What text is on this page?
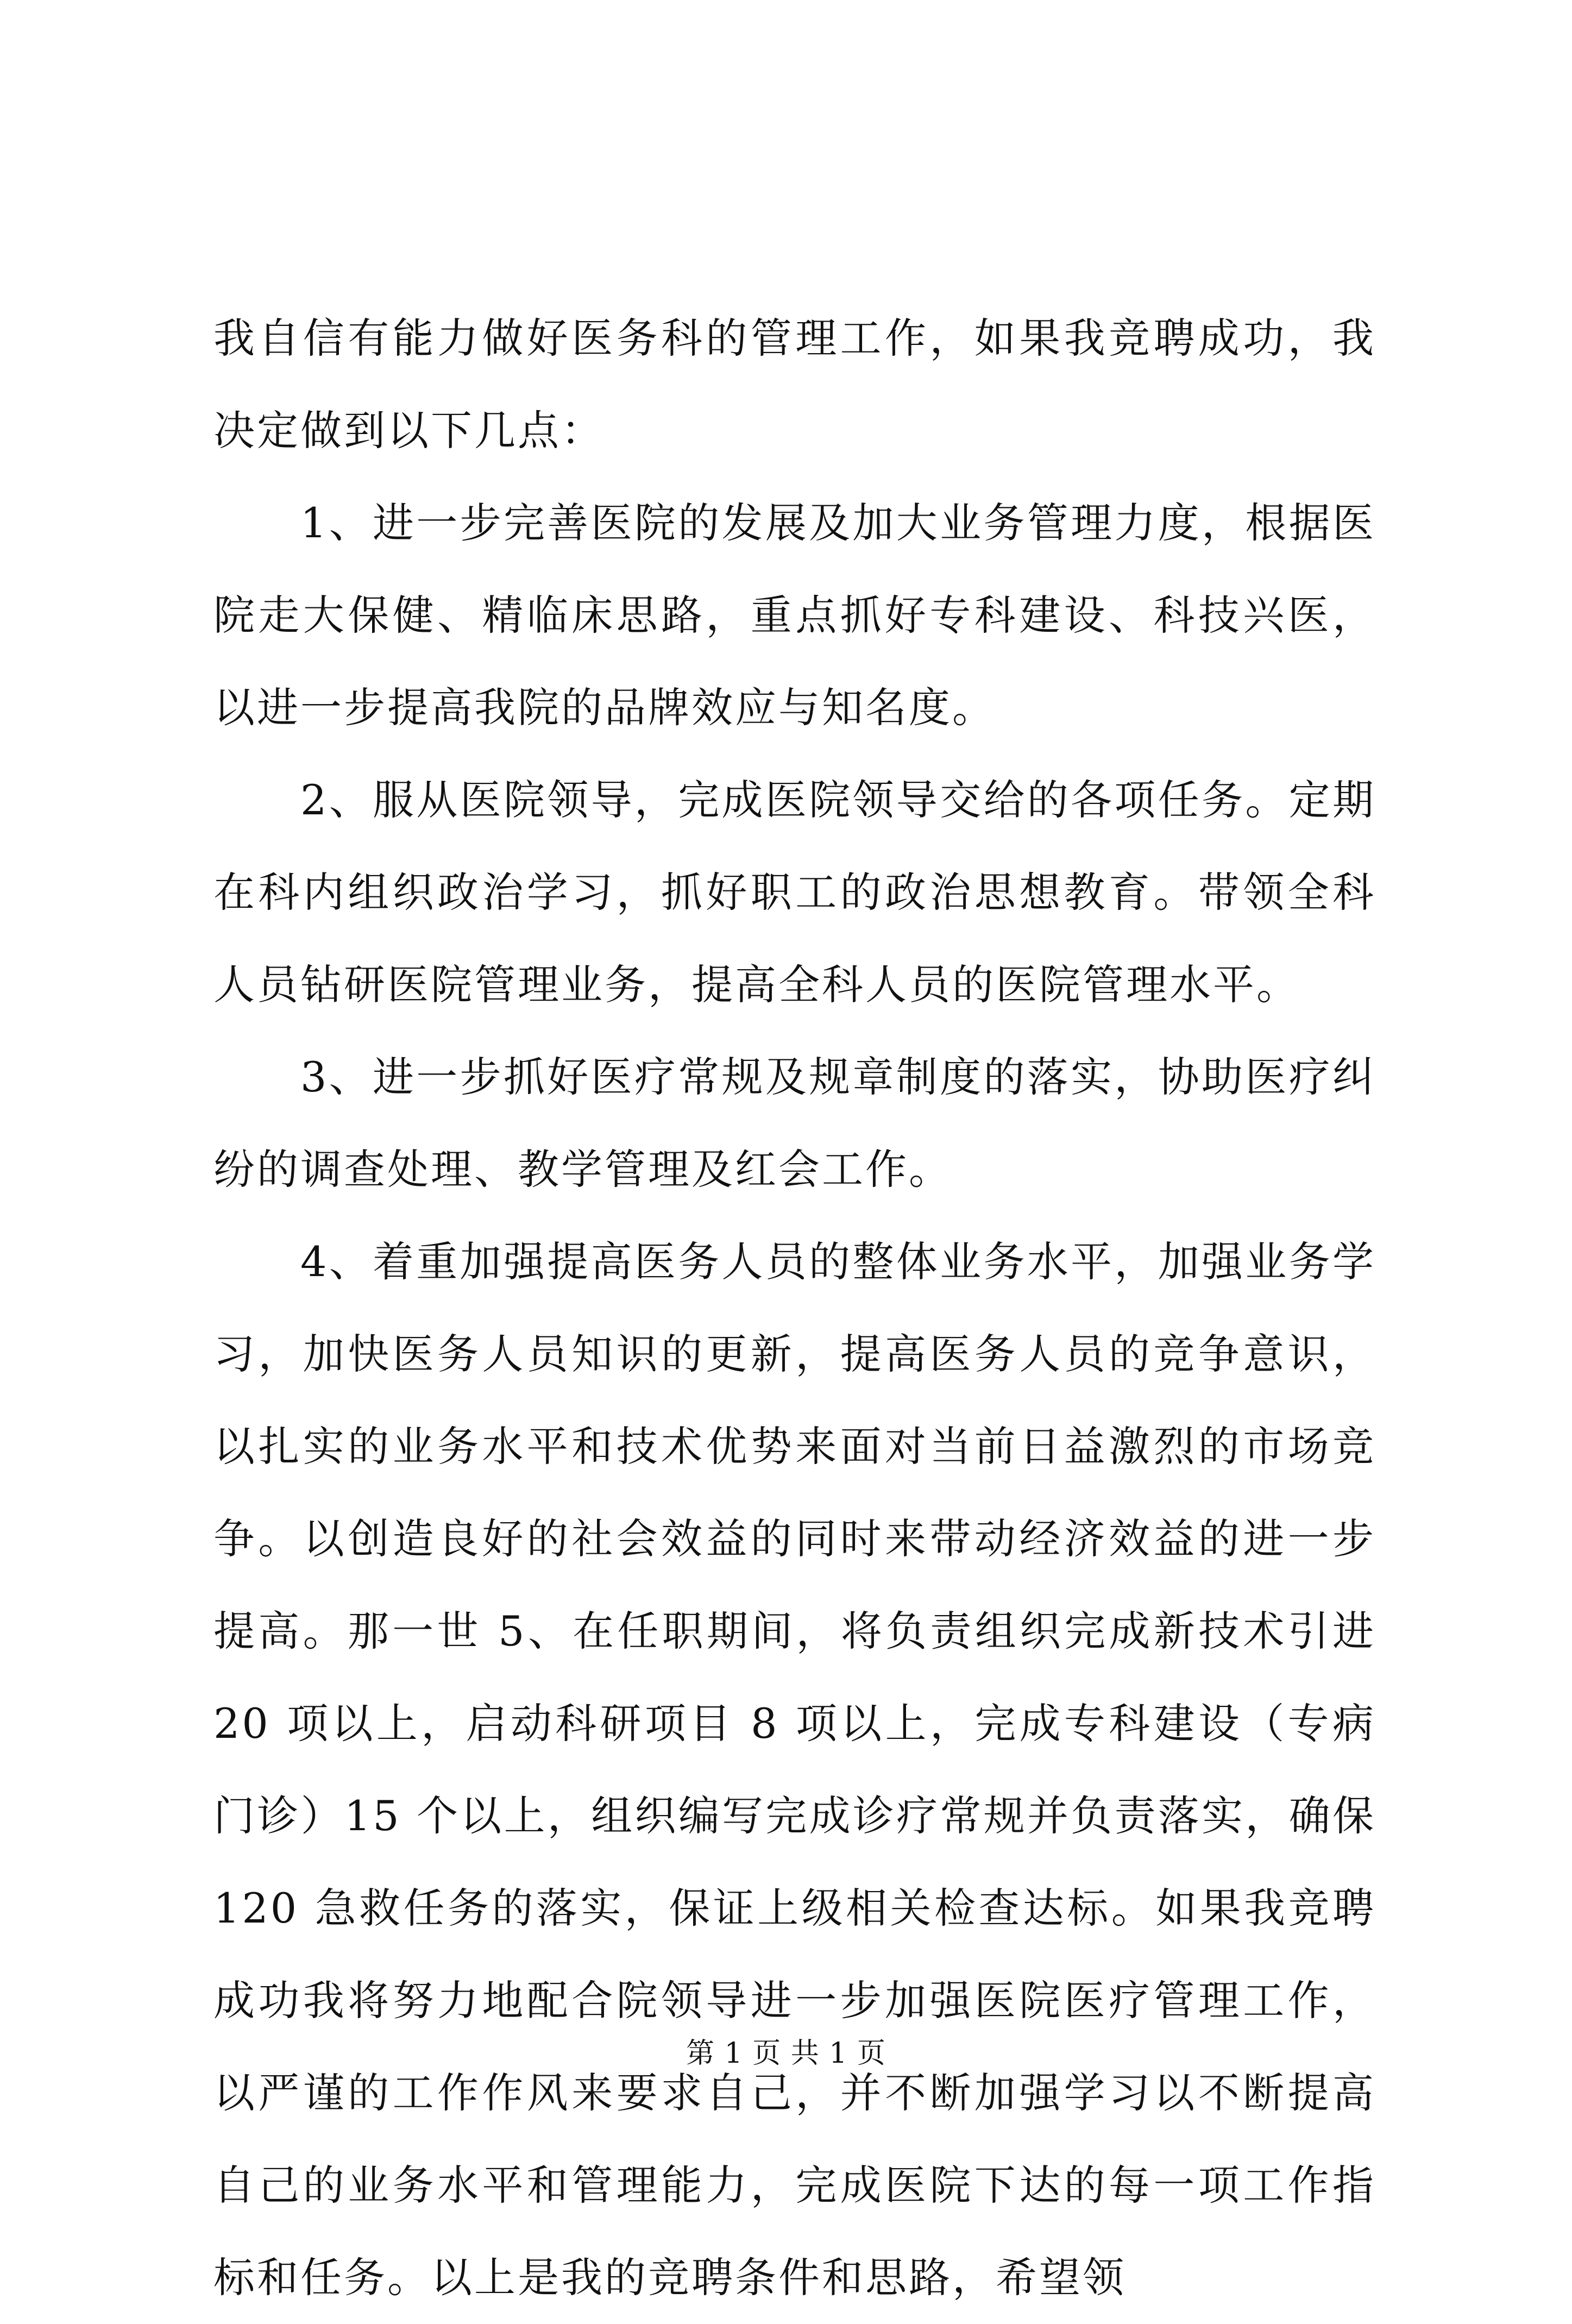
我自信有能力做好医务科的管理工作，如果我竞聘成功，我决定做到以下几点：

1、进一步完善医院的发展及加大业务管理力度，根据医院走大保健、精临床思路，重点抓好专科建设、科技兴医，以进一步提高我院的品牌效应与知名度。

2、服从医院领导，完成医院领导交给的各项任务。定期在科内组织政治学习，抓好职工的政治思想教育。带领全科人员钻研医院管理业务，提高全科人员的医院管理水平。

3、进一步抓好医疗常规及规章制度的落实，协助医疗纠纷的调查处理、教学管理及红会工作。

4、着重加强提高医务人员的整体业务水平，加强业务学习，加快医务人员知识的更新，提高医务人员的竞争意识，以扎实的业务水平和技术优势来面对当前日益激烈的市场竞争。以创造良好的社会效益的同时来带动经济效益的进一步提高。那一世 5、在任职期间，将负责组织完成新技术引进 20 项以上，启动科研项目 8 项以上，完成专科建设（专病门诊）15 个以上，组织编写完成诊疗常规并负责落实，确保 120 急救任务的落实，保证上级相关检查达标。如果我竞聘成功我将努力地配合院领导进一步加强医院医疗管理工作，以严谨的工作作风来要求自己，并不断加强学习以不断提高自己的业务水平和管理能力，完成医院下达的每一项工作指标和任务。以上是我的竞聘条件和思路，希望领

第 1 页 共 1 页
